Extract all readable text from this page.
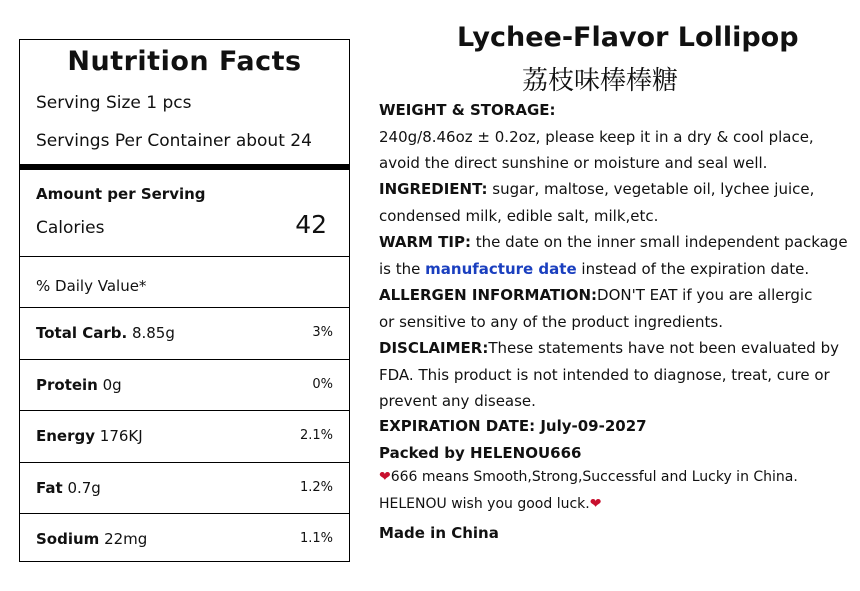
Nutrition Facts
Serving Size 1 pcs
Servings Per Container about 24
Amount per Serving
Calories	42
% Daily Value*
Total Carb. 8.85g	3%
Protein 0g	0%
Energy 176KJ	2.1%
Fat 0.7g	1.2%
Sodium 22mg	1.1%
Lychee-Flavor Lollipop
荔枝味棒棒糖
WEIGHT & STORAGE:
240g/8.46oz ± 0.2oz, please keep it in a dry & cool place,
avoid the direct sunshine or moisture and seal well.
INGREDIENT: sugar, maltose, vegetable oil, lychee juice,
condensed milk, edible salt, milk,etc.
WARM TIP: the date on the inner small independent package
is the manufacture date instead of the expiration date.
ALLERGEN INFORMATION:DON'T EAT if you are allergic
or sensitive to any of the product ingredients.
DISCLAIMER:These statements have not been evaluated by
FDA. This product is not intended to diagnose, treat, cure or
prevent any disease.
EXPIRATION DATE: July-09-2027
Packed by HELENOU666
❤666 means Smooth,Strong,Successful and Lucky in China.
HELENOU wish you good luck.❤
Made in China
